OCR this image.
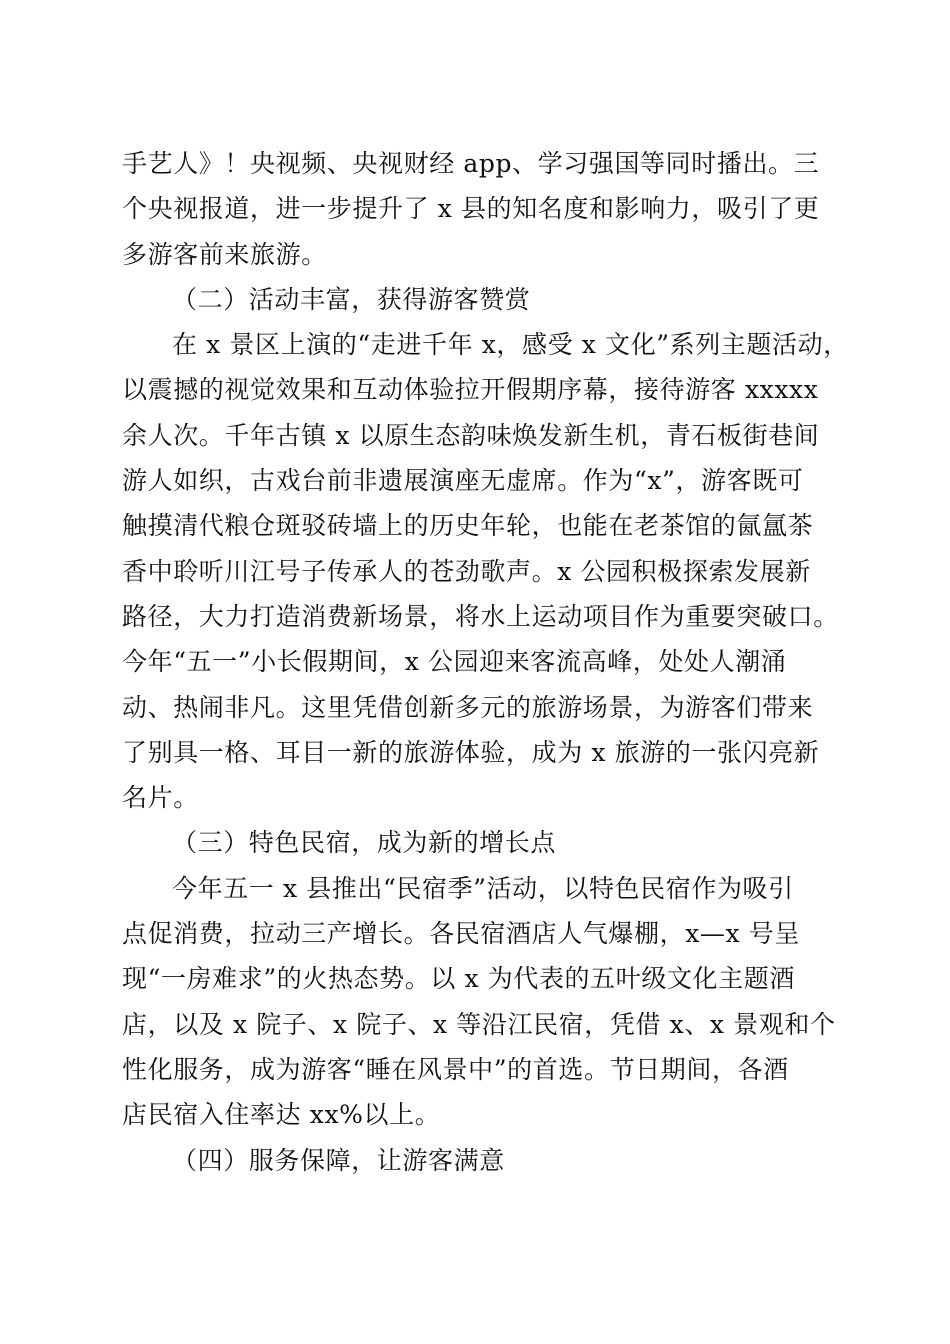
手艺人》！央视频、央视财经 app、学习强国等同时播出。三
个央视报道，进一步提升了 x 县的知名度和影响力，吸引了更
多游客前来旅游。
（二）活动丰富，获得游客赞赏
在 x 景区上演的“走进千年 x，感受 x 文化”系列主题活动，
以震撼的视觉效果和互动体验拉开假期序幕，接待游客 xxxxx
余人次。千年古镇 x 以原生态韵味焕发新生机，青石板街巷间
游人如织，古戏台前非遗展演座无虚席。作为“x”，游客既可
触摸清代粮仓斑驳砖墙上的历史年轮，也能在老茶馆的氤氲茶
香中聆听川江号子传承人的苍劲歌声。x 公园积极探索发展新
路径，大力打造消费新场景，将水上运动项目作为重要突破口。
今年“五一”小长假期间，x 公园迎来客流高峰，处处人潮涌
动、热闹非凡。这里凭借创新多元的旅游场景，为游客们带来
了别具一格、耳目一新的旅游体验，成为 x 旅游的一张闪亮新
名片。
（三）特色民宿，成为新的增长点
今年五一 x 县推出“民宿季”活动，以特色民宿作为吸引
点促消费，拉动三产增长。各民宿酒店人气爆棚，x—x 号呈
现“一房难求”的火热态势。以 x 为代表的五叶级文化主题酒
店，以及 x 院子、x 院子、x 等沿江民宿，凭借 x、x 景观和个
性化服务，成为游客“睡在风景中”的首选。节日期间，各酒
店民宿入住率达 xx%以上。
（四）服务保障，让游客满意
